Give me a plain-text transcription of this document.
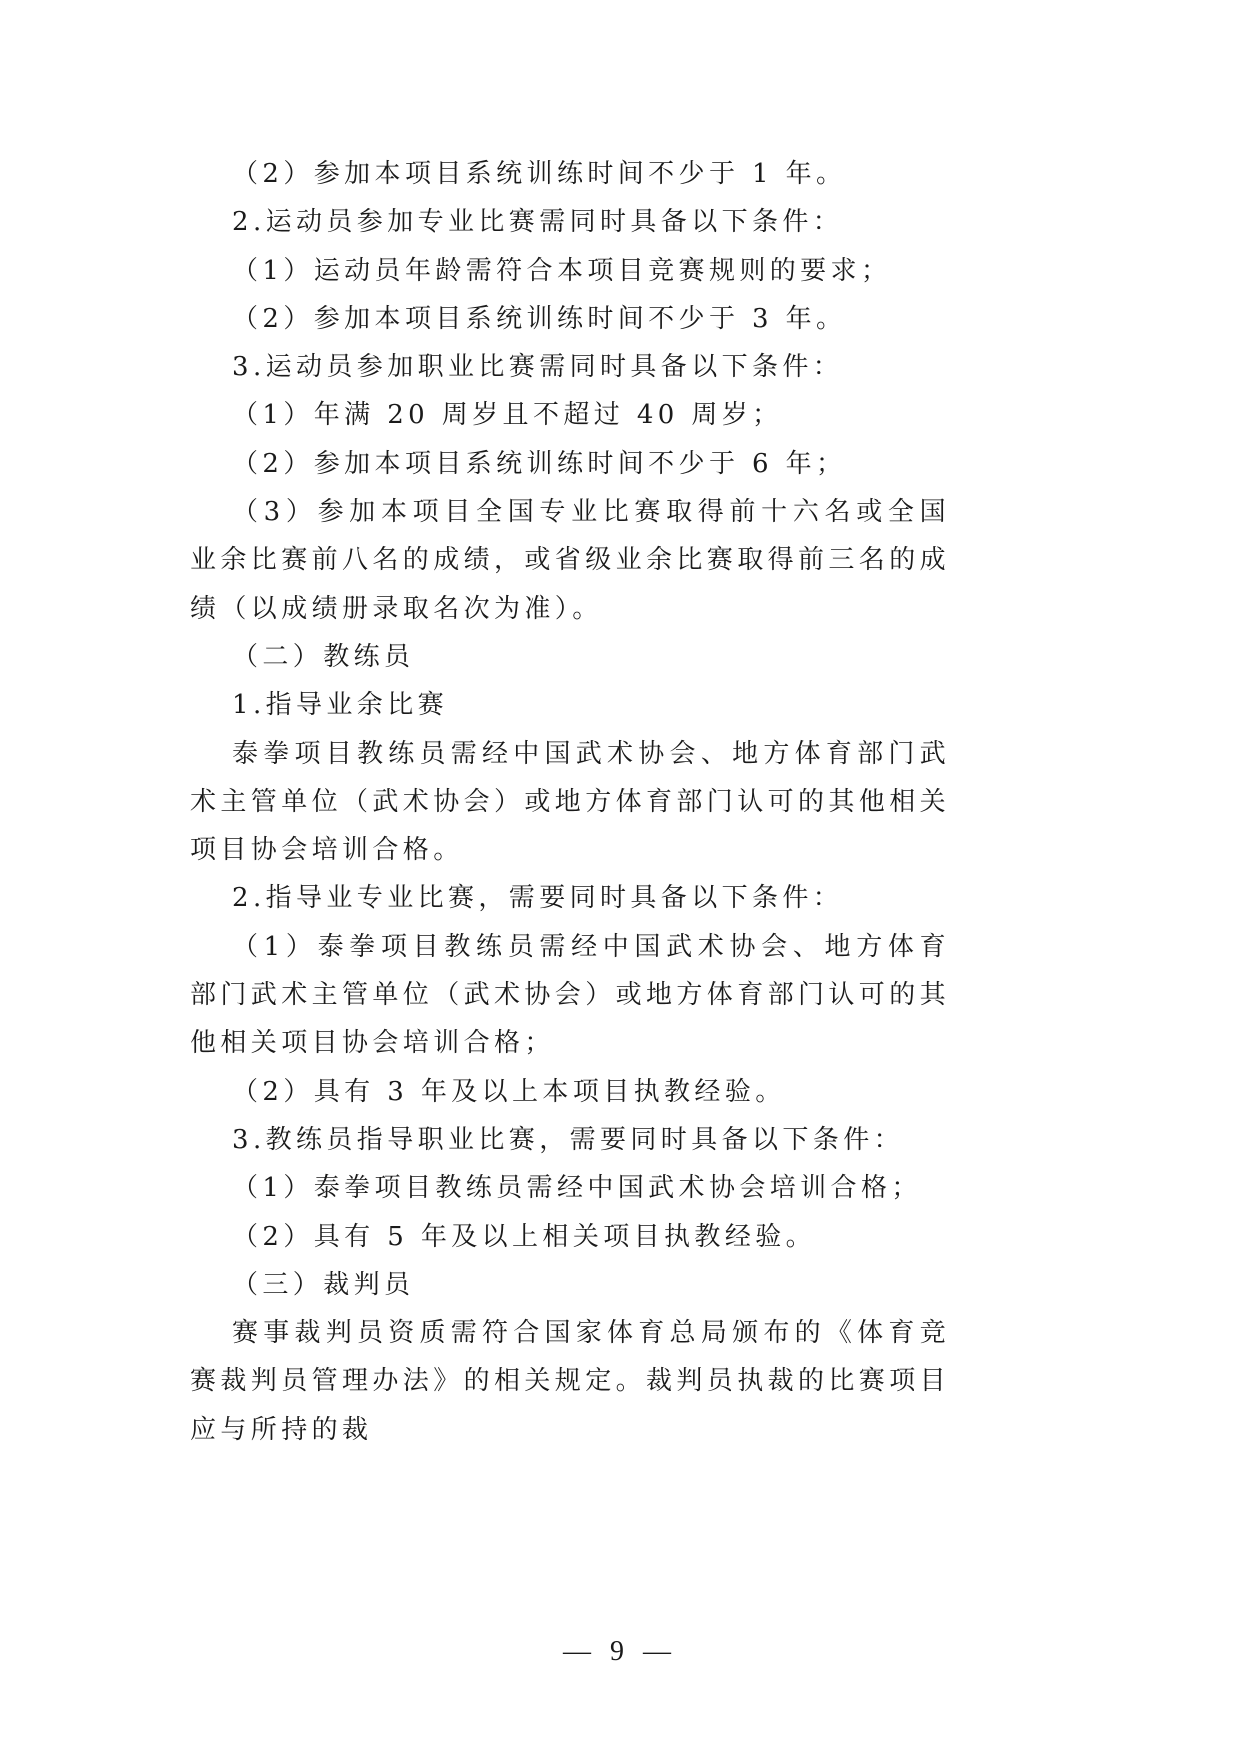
（2）参加本项目系统训练时间不少于 1 年。
2.运动员参加专业比赛需同时具备以下条件：
（1）运动员年龄需符合本项目竞赛规则的要求；
（2）参加本项目系统训练时间不少于 3 年。
3.运动员参加职业比赛需同时具备以下条件：
（1）年满 20 周岁且不超过 40 周岁；
（2）参加本项目系统训练时间不少于 6 年；

（3）参加本项目全国专业比赛取得前十六名或全国业余比赛前八名的成绩，或省级业余比赛取得前三名的成绩（以成绩册录取名次为准）。

（二）教练员
1.指导业余比赛

泰拳项目教练员需经中国武术协会、地方体育部门武术主管单位（武术协会）或地方体育部门认可的其他相关项目协会培训合格。

2.指导业专业比赛，需要同时具备以下条件：

（1）泰拳项目教练员需经中国武术协会、地方体育部门武术主管单位（武术协会）或地方体育部门认可的其他相关项目协会培训合格；

（2）具有 3 年及以上本项目执教经验。
3.教练员指导职业比赛，需要同时具备以下条件：
（1）泰拳项目教练员需经中国武术协会培训合格；
（2）具有 5 年及以上相关项目执教经验。
（三）裁判员

赛事裁判员资质需符合国家体育总局颁布的《体育竞赛裁判员管理办法》的相关规定。裁判员执裁的比赛项目应与所持的裁

— 9 —
